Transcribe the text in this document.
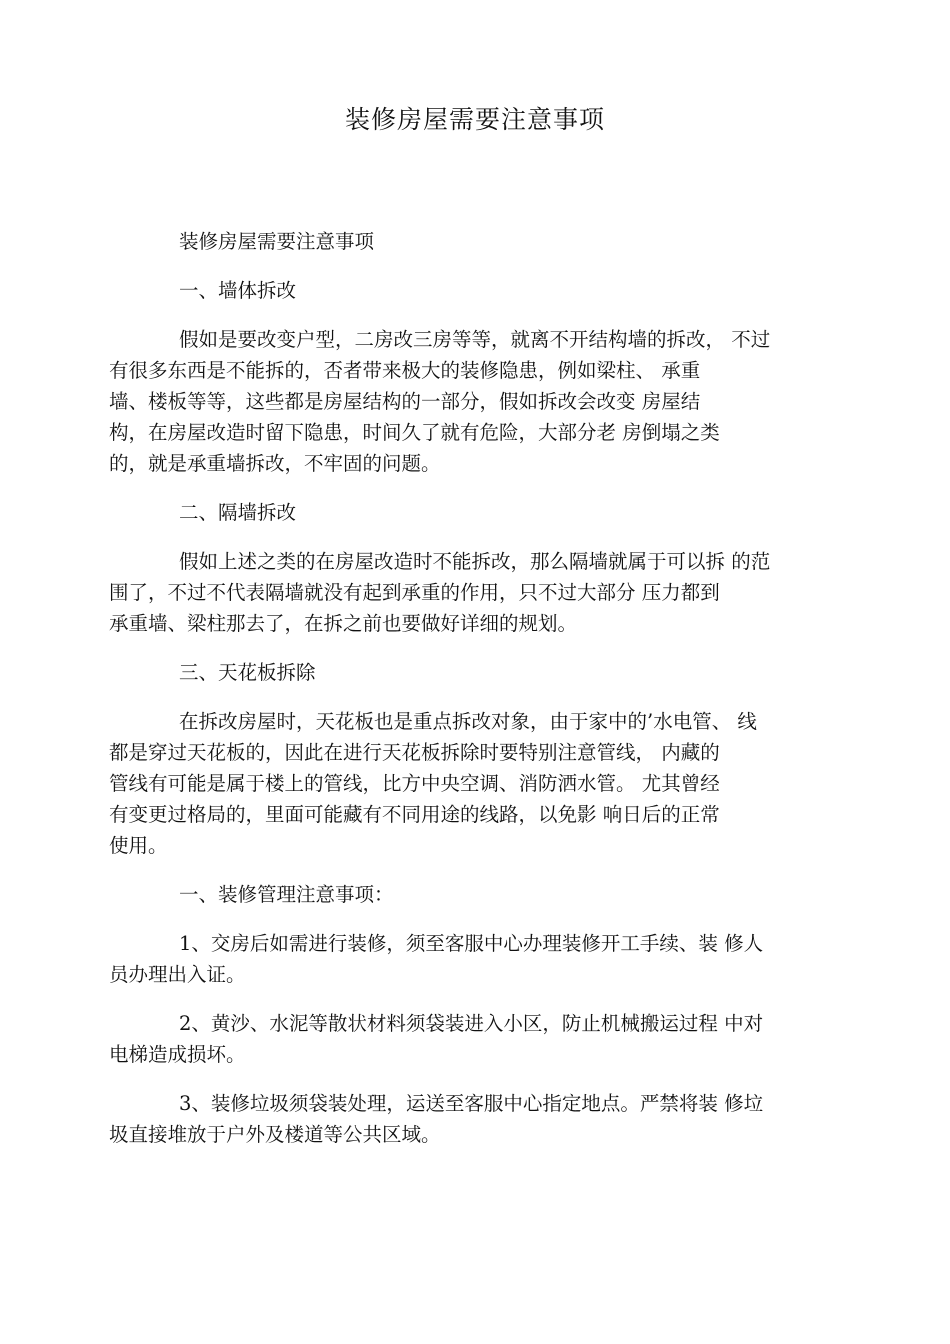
装修房屋需要注意事项
装修房屋需要注意事项
一、墙体拆改
假如是要改变户型，二房改三房等等，就离不开结构墙的拆改， 不过
有很多东西是不能拆的，否者带来极大的装修隐患，例如梁柱、 承重
墙、楼板等等，这些都是房屋结构的一部分，假如拆改会改变 房屋结
构，在房屋改造时留下隐患，时间久了就有危险，大部分老 房倒塌之类
的，就是承重墙拆改，不牢固的问题。
二、隔墙拆改
假如上述之类的在房屋改造时不能拆改，那么隔墙就属于可以拆 的范
围了，不过不代表隔墙就没有起到承重的作用，只不过大部分 压力都到
承重墙、梁柱那去了，在拆之前也要做好详细的规划。
三、天花板拆除
在拆改房屋时，天花板也是重点拆改对象，由于家中的’水电管、 线
都是穿过天花板的，因此在进行天花板拆除时要特别注意管线， 内藏的
管线有可能是属于楼上的管线，比方中央空调、消防洒水管。 尤其曾经
有变更过格局的，里面可能藏有不同用途的线路，以免影 响日后的正常
使用。
一、装修管理注意事项：
1、交房后如需进行装修，须至客服中心办理装修开工手续、装 修人
员办理出入证。
2、黄沙、水泥等散状材料须袋装进入小区，防止机械搬运过程 中对
电梯造成损坏。
3、装修垃圾须袋装处理，运送至客服中心指定地点。严禁将装 修垃
圾直接堆放于户外及楼道等公共区域。
